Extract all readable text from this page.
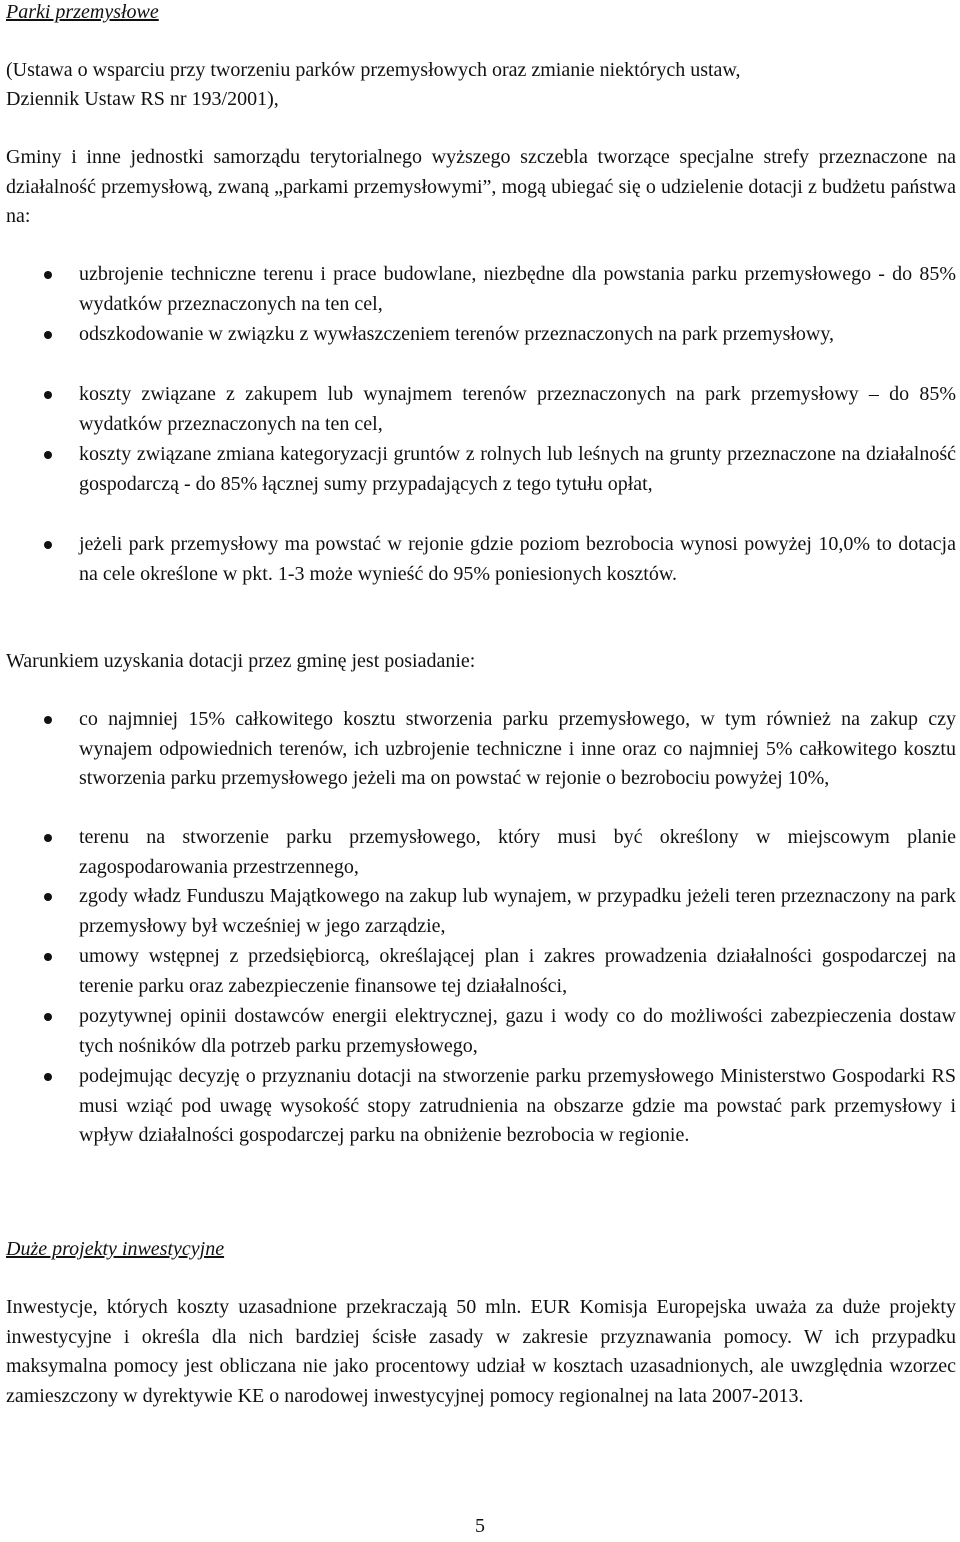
Parki przemysłowe

(Ustawa o wsparciu przy tworzeniu parków przemysłowych oraz zmianie niektórych ustaw,

Dziennik Ustaw RS nr 193/2001),

Gminy i inne jednostki samorządu terytorialnego wyższego szczebla tworzące specjalne strefy przeznaczone na działalność przemysłową, zwaną „parkami przemysłowymi”, mogą ubiegać się o udzielenie dotacji z budżetu państwa na:

uzbrojenie techniczne terenu i prace budowlane, niezbędne dla powstania parku przemysłowego - do 85% wydatków przeznaczonych na ten cel,

odszkodowanie w związku z wywłaszczeniem terenów przeznaczonych na park przemysłowy,

koszty związane z zakupem lub wynajmem terenów przeznaczonych na park przemysłowy – do 85% wydatków przeznaczonych na ten cel,

koszty związane zmiana kategoryzacji gruntów z rolnych lub leśnych na grunty przeznaczone na działalność gospodarczą - do 85% łącznej sumy przypadających z tego tytułu opłat,

jeżeli park przemysłowy ma powstać w rejonie gdzie poziom bezrobocia wynosi powyżej 10,0% to dotacja na cele określone w pkt. 1-3 może wynieść do 95% poniesionych kosztów.

Warunkiem uzyskania dotacji przez gminę jest posiadanie:

co najmniej 15% całkowitego kosztu stworzenia parku przemysłowego, w tym również na zakup czy wynajem odpowiednich terenów, ich uzbrojenie techniczne i inne oraz co najmniej 5% całkowitego kosztu stworzenia parku przemysłowego jeżeli ma on powstać w rejonie o bezrobociu powyżej 10%,

terenu na stworzenie parku przemysłowego, który musi być określony w miejscowym planie zagospodarowania przestrzennego,

zgody władz Funduszu Majątkowego na zakup lub wynajem, w przypadku jeżeli teren przeznaczony na park przemysłowy był wcześniej w jego zarządzie,

umowy wstępnej z przedsiębiorcą, określającej plan i zakres prowadzenia działalności gospodarczej na terenie parku oraz zabezpieczenie finansowe tej działalności,

pozytywnej opinii dostawców energii elektrycznej, gazu i wody co do możliwości zabezpieczenia dostaw tych nośników dla potrzeb parku przemysłowego,

podejmując decyzję o przyznaniu dotacji na stworzenie parku przemysłowego Ministerstwo Gospodarki RS musi wziąć pod uwagę wysokość stopy zatrudnienia na obszarze gdzie ma powstać park przemysłowy i wpływ działalności gospodarczej parku na obniżenie bezrobocia w regionie.

Duże projekty inwestycyjne

Inwestycje, których koszty uzasadnione przekraczają 50 mln. EUR Komisja Europejska uważa za duże projekty inwestycyjne i określa dla nich bardziej ścisłe zasady w zakresie przyznawania pomocy. W ich przypadku maksymalna pomocy jest obliczana nie jako procentowy udział w kosztach uzasadnionych, ale uwzględnia wzorzec zamieszczony w dyrektywie KE o narodowej inwestycyjnej pomocy regionalnej na lata 2007-2013.

5
